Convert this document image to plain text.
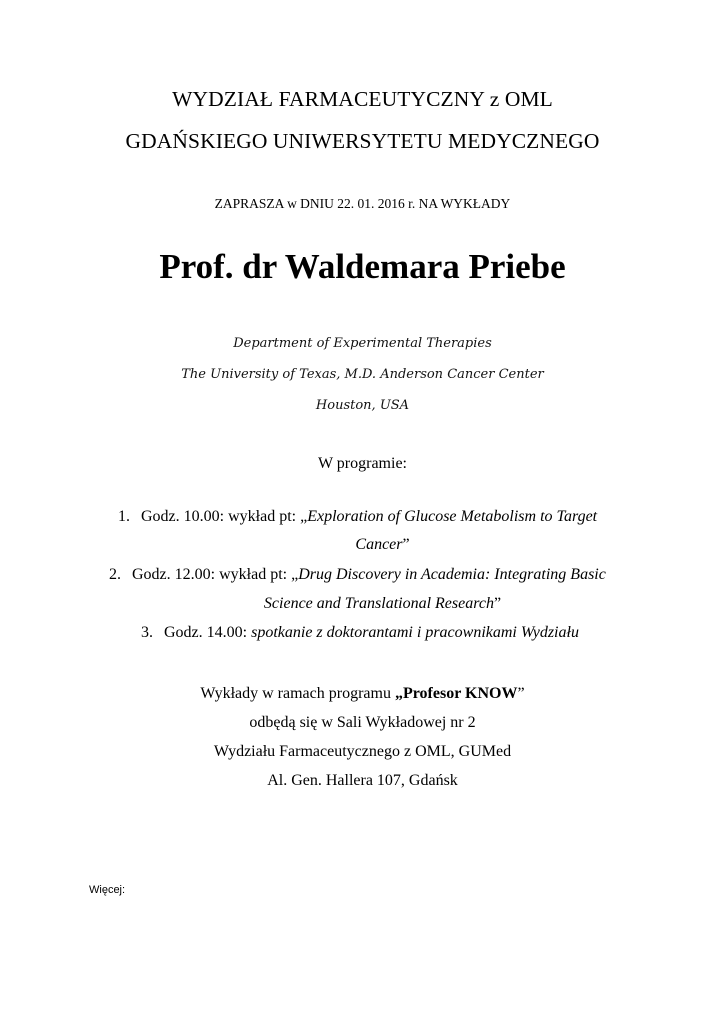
WYDZIAŁ FARMACEUTYCZNY z OML
GDAŃSKIEGO UNIWERSYTETU MEDYCZNEGO
ZAPRASZA w DNIU 22. 01. 2016 r. NA WYKŁADY
Prof. dr Waldemara Priebe
Department of Experimental Therapies
The University of Texas, M.D. Anderson Cancer Center
Houston, USA
W programie:
1. Godz. 10.00: wykład pt: „Exploration of Glucose Metabolism to Target
Cancer”
2. Godz. 12.00: wykład pt: „Drug Discovery in Academia: Integrating Basic
Science and Translational Research”
3. Godz. 14.00: spotkanie z doktorantami i pracownikami Wydziału
Wykłady w ramach programu „Profesor KNOW”
odbędą się w Sali Wykładowej nr 2
Wydziału Farmaceutycznego z OML, GUMed
Al. Gen. Hallera 107, Gdańsk
Więcej:
